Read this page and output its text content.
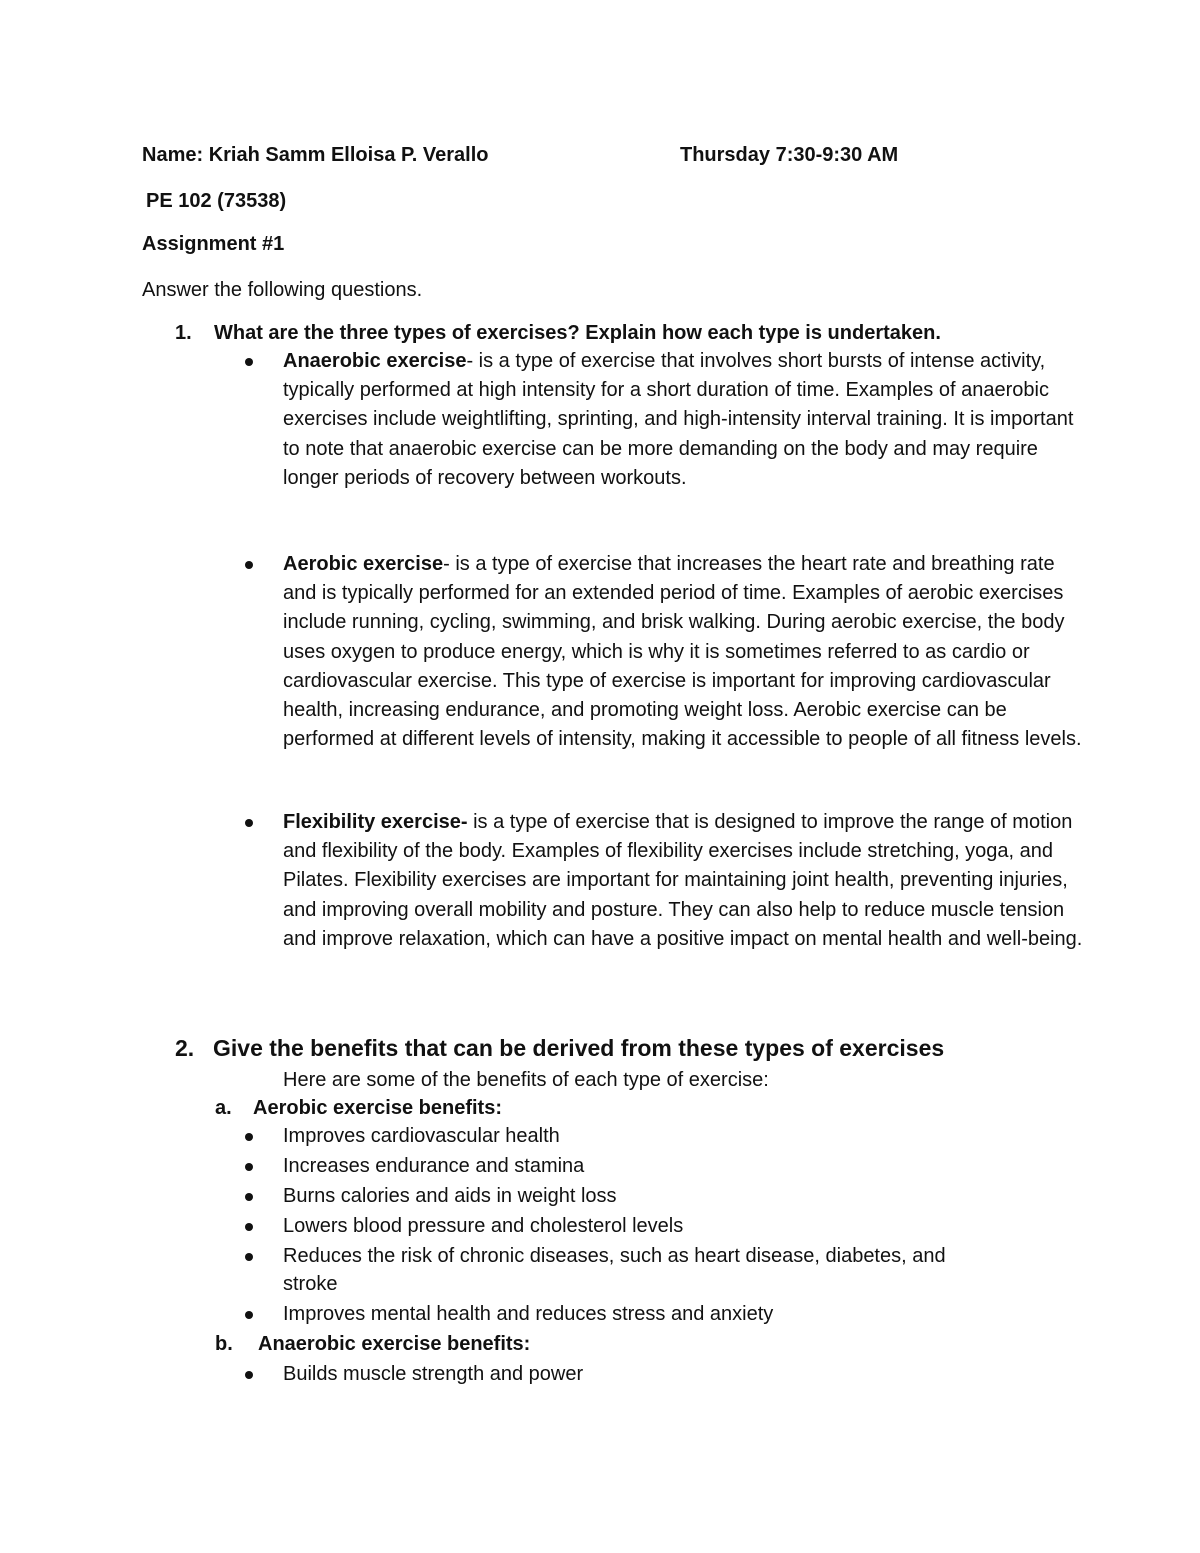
Name: Kriah Samm Elloisa P. Verallo	Thursday 7:30-9:30 AM
PE 102 (73538)
Assignment #1
Answer the following questions.
1. What are the three types of exercises? Explain how each type is undertaken.
Anaerobic exercise- is a type of exercise that involves short bursts of intense activity, typically performed at high intensity for a short duration of time. Examples of anaerobic exercises include weightlifting, sprinting, and high-intensity interval training. It is important to note that anaerobic exercise can be more demanding on the body and may require longer periods of recovery between workouts.
Aerobic exercise- is a type of exercise that increases the heart rate and breathing rate and is typically performed for an extended period of time. Examples of aerobic exercises include running, cycling, swimming, and brisk walking. During aerobic exercise, the body uses oxygen to produce energy, which is why it is sometimes referred to as cardio or cardiovascular exercise. This type of exercise is important for improving cardiovascular health, increasing endurance, and promoting weight loss. Aerobic exercise can be performed at different levels of intensity, making it accessible to people of all fitness levels.
Flexibility exercise- is a type of exercise that is designed to improve the range of motion and flexibility of the body. Examples of flexibility exercises include stretching, yoga, and Pilates. Flexibility exercises are important for maintaining joint health, preventing injuries, and improving overall mobility and posture. They can also help to reduce muscle tension and improve relaxation, which can have a positive impact on mental health and well-being.
2. Give the benefits that can be derived from these types of exercises
Here are some of the benefits of each type of exercise:
a. Aerobic exercise benefits:
Improves cardiovascular health
Increases endurance and stamina
Burns calories and aids in weight loss
Lowers blood pressure and cholesterol levels
Reduces the risk of chronic diseases, such as heart disease, diabetes, and
stroke
Improves mental health and reduces stress and anxiety
b. Anaerobic exercise benefits:
Builds muscle strength and power
